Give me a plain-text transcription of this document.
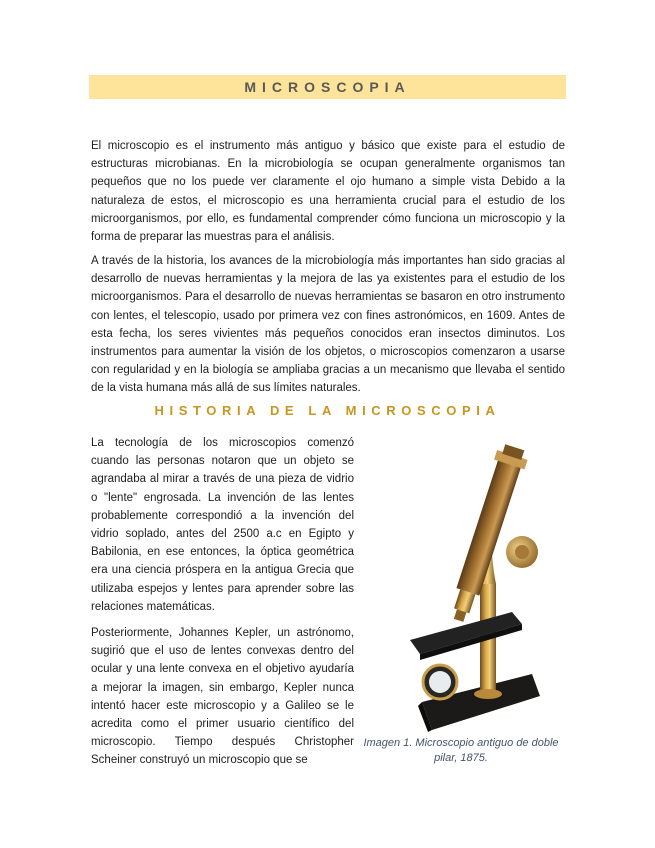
MICROSCOPIA

El microscopio es el instrumento más antiguo y básico que existe para el estudio de estructuras microbianas. En la microbiología se ocupan generalmente organismos tan pequeños que no los puede ver claramente el ojo humano a simple vista Debido a la naturaleza de estos, el microscopio es una herramienta crucial para el estudio de los microorganismos, por ello, es fundamental comprender cómo funciona un microscopio y la forma de preparar las muestras para el análisis.

A través de la historia, los avances de la microbiología más importantes han sido gracias al desarrollo de nuevas herramientas y la mejora de las ya existentes para el estudio de los microorganismos. Para el desarrollo de nuevas herramientas se basaron en otro instrumento con lentes, el telescopio, usado por primera vez con fines astronómicos, en 1609. Antes de esta fecha, los seres vivientes más pequeños conocidos eran insectos diminutos. Los instrumentos para aumentar la visión de los objetos, o microscopios comenzaron a usarse con regularidad y en la biología se ampliaba gracias a un mecanismo que llevaba el sentido de la vista humana más allá de sus límites naturales.

HISTORIA DE LA MICROSCOPIA

La tecnología de los microscopios comenzó cuando las personas notaron que un objeto se agrandaba al mirar a través de una pieza de vidrio o "lente" engrosada. La invención de las lentes probablemente correspondió a la invención del vidrio soplado, antes del 2500 a.c en Egipto y Babilonia, en ese entonces, la óptica geométrica era una ciencia próspera en la antigua Grecia que utilizaba espejos y lentes para aprender sobre las relaciones matemáticas.

Posteriormente, Johannes Kepler, un astrónomo, sugirió que el uso de lentes convexas dentro del ocular y una lente convexa en el objetivo ayudaría a mejorar la imagen, sin embargo, Kepler nunca intentó hacer este microscopio y a Galileo se le acredita como el primer usuario científico del microscopio. Tiempo después Christopher Scheiner construyó un microscopio que se

Imagen 1. Microscopio antiguo de doble pilar, 1875.
